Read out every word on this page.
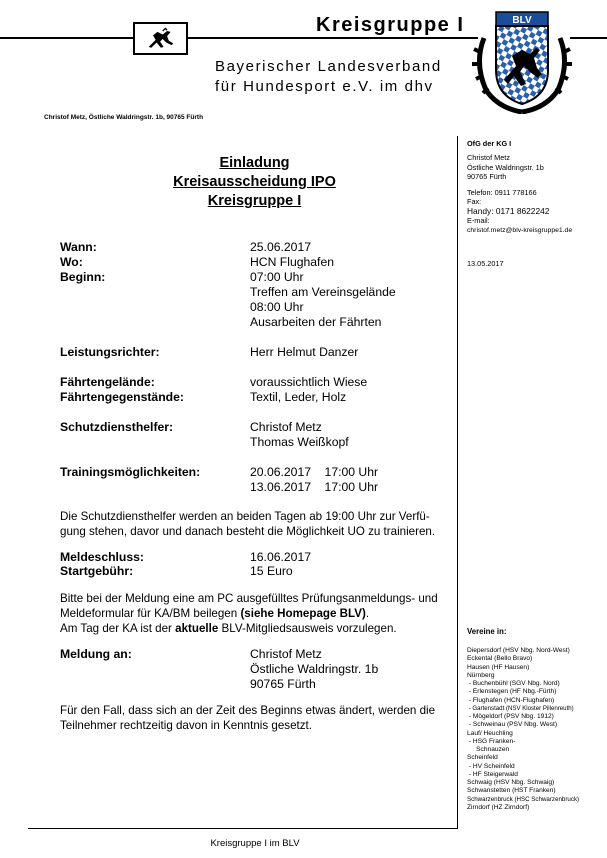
Kreisgruppe I
Bayerischer Landesverband
für Hundesport e.V. im dhv
BLV
Christof Metz, Östliche Waldringstr. 1b, 90765 Fürth
OfG der KG I
Christof Metz
Östliche Waldringstr. 1b
90765 Fürth
Telefon: 0911 778166
Fax:
Handy: 0171 8622242
E-mail:
christof.metz@blv-kreisgruppe1.de
13.05.2017
Vereine in:
Diepersdorf (HSV Nbg. Nord-West)
Eckental (Bello Bravo)
Hausen (HF Hausen)
Nürnberg
- Buchenbühl (SGV Nbg. Nord)
- Erlenstegen (HF Nbg.-Fürth)
- Flughafen (HCN-Flughafen)
- Gartenstadt (NSV Kloster Pillenreuth)
- Mögeldorf (PSV Nbg. 1912)
- Schweinau (PSV Nbg. West)
Lauf/ Heuchling
- HSG Franken-
Schnauzen
Scheinfeld
- HV Scheinfeld
- HF Steigerwald
Schwaig (HSV Nbg. Schwaig)
Schwanstetten (HST Franken)
Schwarzenbruck (HSC Schwarzenbruck)
Zirndorf (HZ Zirndorf)
Einladung
Kreisausscheidung IPO
Kreisgruppe I
Wann:	25.06.2017
Wo:	HCN Flughafen
Beginn:	07:00 Uhr
Treffen am Vereinsgelände
08:00 Uhr
Ausarbeiten der Fährten
Leistungsrichter:	Herr Helmut Danzer
Fährtengelände:	voraussichtlich Wiese
Fährtengegenstände:	Textil, Leder, Holz
Schutzdiensthelfer:	Christof Metz
Thomas Weißkopf
Trainingsmöglichkeiten:	20.06.2017    17:00 Uhr
13.06.2017    17:00 Uhr
Die Schutzdiensthelfer werden an beiden Tagen ab 19:00 Uhr zur Verfü-
gung stehen, davor und danach besteht die Möglichkeit UO zu trainieren.
Meldeschluss:	16.06.2017
Startgebühr:	15 Euro
Bitte bei der Meldung eine am PC ausgefülltes Prüfungsanmeldungs- und
Meldeformular für KA/BM beilegen (siehe Homepage BLV).
Am Tag der KA ist der aktuelle BLV-Mitgliedsausweis vorzulegen.
Meldung an:	Christof Metz
Östliche Waldringstr. 1b
90765 Fürth
Für den Fall, dass sich an der Zeit des Beginns etwas ändert, werden die
Teilnehmer rechtzeitig davon in Kenntnis gesetzt.
Kreisgruppe I im BLV
